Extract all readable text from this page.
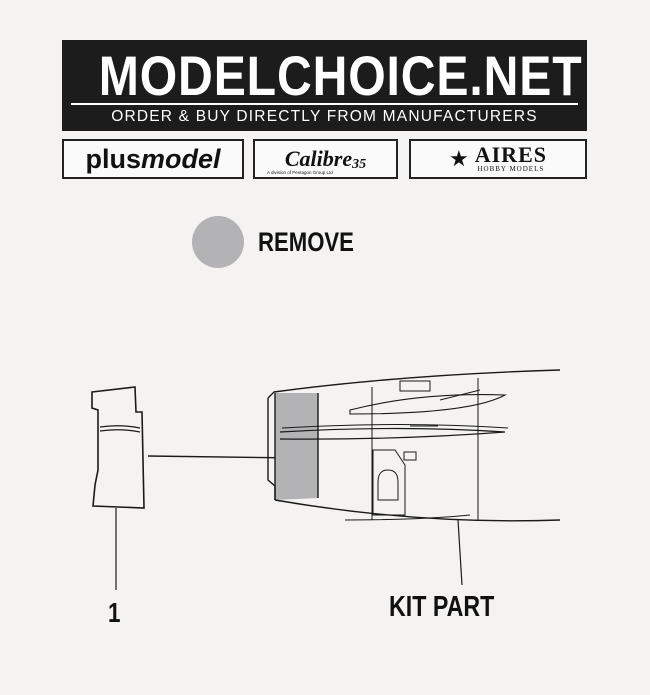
MODELCHOICE.NET
ORDER & BUY DIRECTLY FROM MANUFACTURERS
plus model	Calibre 35
A division of Pentagon Group Ltd
★ AIRES
HOBBY MODELS
REMOVE
1	KIT PART
